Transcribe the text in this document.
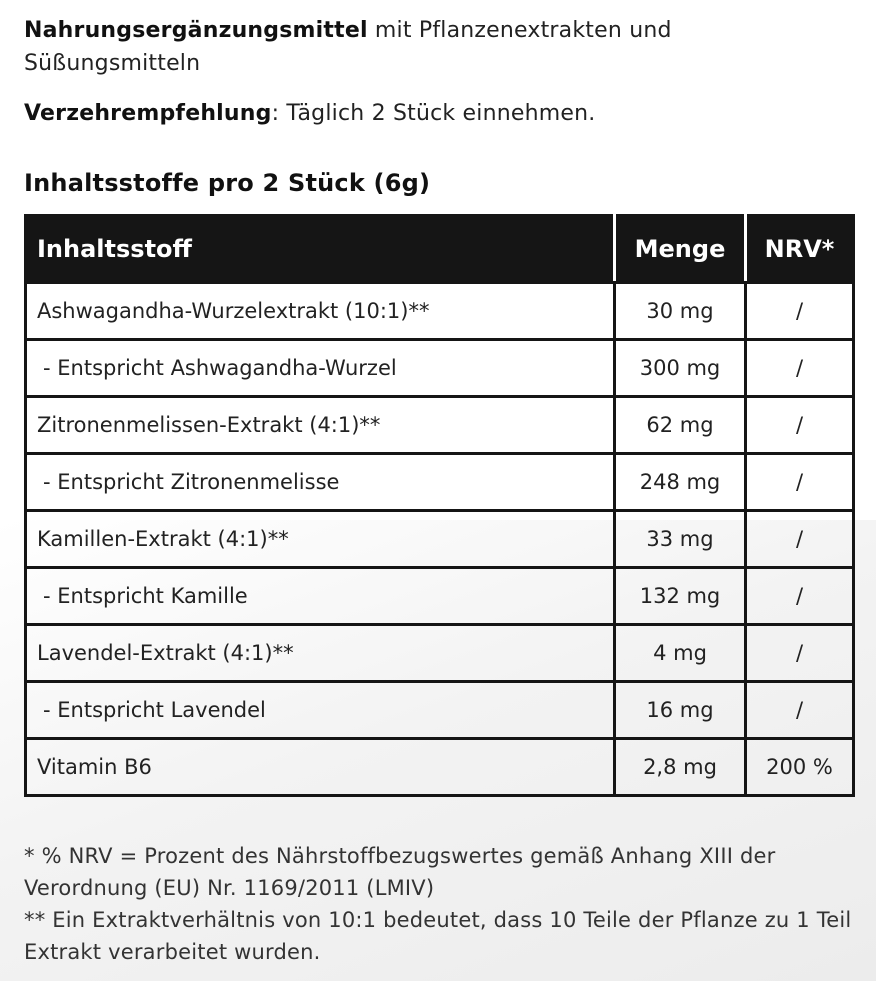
Nahrungsergänzungsmittel mit Pflanzenextrakten und Süßungsmitteln
Verzehrempfehlung: Täglich 2 Stück einnehmen.
Inhaltsstoffe pro 2 Stück (6g)
Inhaltsstoff	Menge	NRV*
Ashwagandha-Wurzelextrakt (10:1)**	30 mg	/
- Entspricht Ashwagandha-Wurzel	300 mg	/
Zitronenmelissen-Extrakt (4:1)**	62 mg	/
- Entspricht Zitronenmelisse	248 mg	/
Kamillen-Extrakt (4:1)**	33 mg	/
- Entspricht Kamille	132 mg	/
Lavendel-Extrakt (4:1)**	4 mg	/
- Entspricht Lavendel	16 mg	/
Vitamin B6	2,8 mg	200 %

* % NRV = Prozent des Nährstoffbezugswertes gemäß Anhang XIII der Verordnung (EU) Nr. 1169/2011 (LMIV)

** Ein Extraktverhältnis von 10:1 bedeutet, dass 10 Teile der Pflanze zu 1 Teil Extrakt verarbeitet wurden.
